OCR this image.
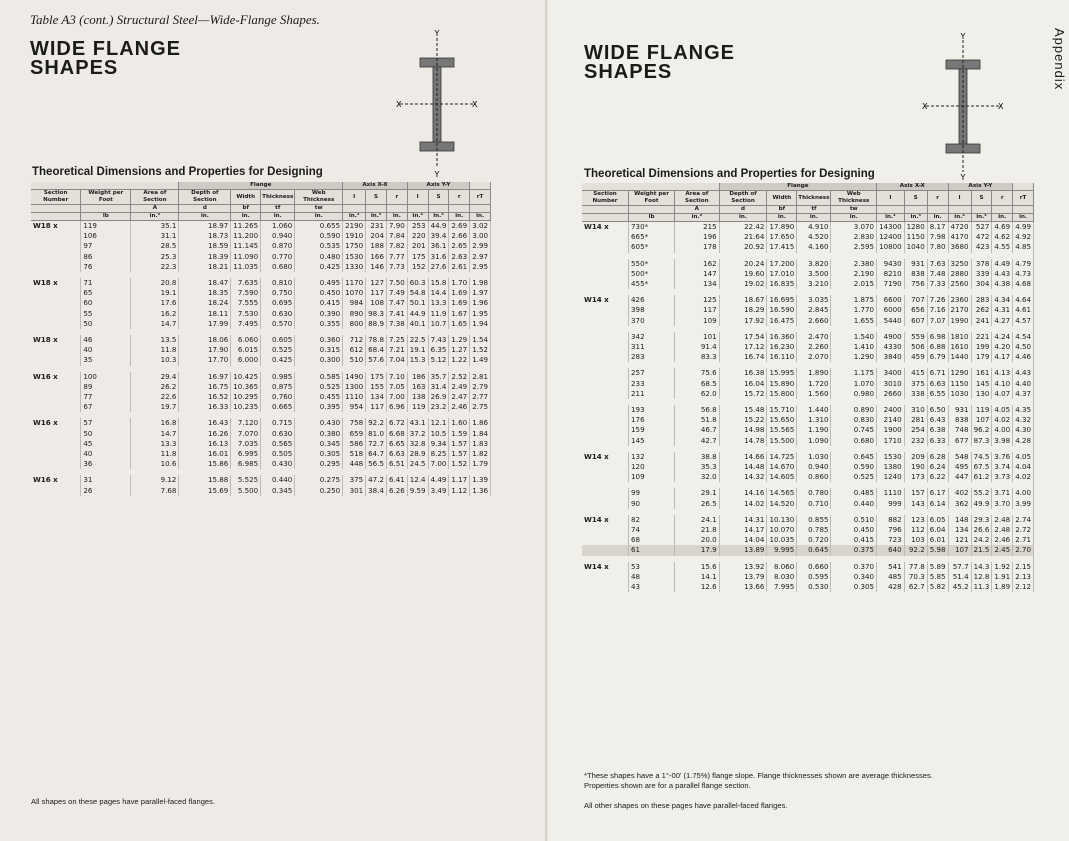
Table A3 (cont.) Structural Steel—Wide-Flange Shapes.
WIDE FLANGE
SHAPES
Y
X	X
Y
Theoretical Dimensions and Properties for Designing
			Flange				Axis X-X			Axis Y-Y			
Section Number	Weight per Foot	Area of Section	Depth of Section	Width	Thickness	Web Thickness	I	S	r	I	S	r	rT
		A	d	bf	tf	tw							
	lb	in.²	in.	in.	in.	in.	in.⁴	in.³	in.	in.⁴	in.³	in.	in.
W18 x	119	35.1	18.97	11.265	1.060	0.655	2190	231	7.90	253	44.9	2.69	3.02
	106	31.1	18.73	11.200	0.940	0.590	1910	204	7.84	220	39.4	2.66	3.00
	97	28.5	18.59	11.145	0.870	0.535	1750	188	7.82	201	36.1	2.65	2.99
	86	25.3	18.39	11.090	0.770	0.480	1530	166	7.77	175	31.6	2.63	2.97
	76	22.3	18.21	11.035	0.680	0.425	1330	146	7.73	152	27.6	2.61	2.95

W18 x	71	20.8	18.47	7.635	0.810	0.495	1170	127	7.50	60.3	15.8	1.70	1.98
	65	19.1	18.35	7.590	0.750	0.450	1070	117	7.49	54.8	14.4	1.69	1.97
	60	17.6	18.24	7.555	0.695	0.415	984	108	7.47	50.1	13.3	1.69	1.96
	55	16.2	18.11	7.530	0.630	0.390	890	98.3	7.41	44.9	11.9	1.67	1.95
	50	14.7	17.99	7.495	0.570	0.355	800	88.9	7.38	40.1	10.7	1.65	1.94

W18 x	46	13.5	18.06	6.060	0.605	0.360	712	78.8	7.25	22.5	7.43	1.29	1.54
	40	11.8	17.90	6.015	0.525	0.315	612	68.4	7.21	19.1	6.35	1.27	1.52
	35	10.3	17.70	6.000	0.425	0.300	510	57.6	7.04	15.3	5.12	1.22	1.49

W16 x	100	29.4	16.97	10.425	0.985	0.585	1490	175	7.10	186	35.7	2.52	2.81
	89	26.2	16.75	10.365	0.875	0.525	1300	155	7.05	163	31.4	2.49	2.79
	77	22.6	16.52	10.295	0.760	0.455	1110	134	7.00	138	26.9	2.47	2.77
	67	19.7	16.33	10.235	0.665	0.395	954	117	6.96	119	23.2	2.46	2.75

W16 x	57	16.8	16.43	7.120	0.715	0.430	758	92.2	6.72	43.1	12.1	1.60	1.86
	50	14.7	16.26	7.070	0.630	0.380	659	81.0	6.68	37.2	10.5	1.59	1.84
	45	13.3	16.13	7.035	0.565	0.345	586	72.7	6.65	32.8	9.34	1.57	1.83
	40	11.8	16.01	6.995	0.505	0.305	518	64.7	6.63	28.9	8.25	1.57	1.82
	36	10.6	15.86	6.985	0.430	0.295	448	56.5	6.51	24.5	7.00	1.52	1.79

W16 x	31	9.12	15.88	5.525	0.440	0.275	375	47.2	6.41	12.4	4.49	1.17	1.39
	26	7.68	15.69	5.500	0.345	0.250	301	38.4	6.26	9.59	3.49	1.12	1.36
All shapes on these pages have parallel-faced flanges.
Appendix
WIDE FLANGE
SHAPES
Y
X	X
Y
Theoretical Dimensions and Properties for Designing
			Flange				Axis X-X			Axis Y-Y			
Section Number	Weight per Foot	Area of Section	Depth of Section	Width	Thickness	Web Thickness	I	S	r	I	S	r	rT
		A	d	bf	tf	tw							
	lb	in.²	in.	in.	in.	in.	in.⁴	in.³	in.	in.⁴	in.³	in.	in.
W14 x	730*	215	22.42	17.890	4.910	3.070	14300	1280	8.17	4720	527	4.69	4.99
	665*	196	21.64	17.650	4.520	2.830	12400	1150	7.98	4170	472	4.62	4.92
	605*	178	20.92	17.415	4.160	2.595	10800	1040	7.80	3680	423	4.55	4.85

	550*	162	20.24	17.200	3.820	2.380	9430	931	7.63	3250	378	4.49	4.79
	500*	147	19.60	17.010	3.500	2.190	8210	838	7.48	2880	339	4.43	4.73
	455*	134	19.02	16.835	3.210	2.015	7190	756	7.33	2560	304	4.38	4.68

W14 x	426	125	18.67	16.695	3.035	1.875	6600	707	7.26	2360	283	4.34	4.64
	398	117	18.29	16.590	2.845	1.770	6000	656	7.16	2170	262	4.31	4.61
	370	109	17.92	16.475	2.660	1.655	5440	607	7.07	1990	241	4.27	4.57

	342	101	17.54	16.360	2.470	1.540	4900	559	6.98	1810	221	4.24	4.54
	311	91.4	17.12	16.230	2.260	1.410	4330	506	6.88	1610	199	4.20	4.50
	283	83.3	16.74	16.110	2.070	1.290	3840	459	6.79	1440	179	4.17	4.46

	257	75.6	16.38	15.995	1.890	1.175	3400	415	6.71	1290	161	4.13	4.43
	233	68.5	16.04	15.890	1.720	1.070	3010	375	6.63	1150	145	4.10	4.40
	211	62.0	15.72	15.800	1.560	0.980	2660	338	6.55	1030	130	4.07	4.37

	193	56.8	15.48	15.710	1.440	0.890	2400	310	6.50	931	119	4.05	4.35
	176	51.8	15.22	15.650	1.310	0.830	2140	281	6.43	838	107	4.02	4.32
	159	46.7	14.98	15.565	1.190	0.745	1900	254	6.38	748	96.2	4.00	4.30
	145	42.7	14.78	15.500	1.090	0.680	1710	232	6.33	677	87.3	3.98	4.28

W14 x	132	38.8	14.66	14.725	1.030	0.645	1530	209	6.28	548	74.5	3.76	4.05
	120	35.3	14.48	14.670	0.940	0.590	1380	190	6.24	495	67.5	3.74	4.04
	109	32.0	14.32	14.605	0.860	0.525	1240	173	6.22	447	61.2	3.73	4.02

	99	29.1	14.16	14.565	0.780	0.485	1110	157	6.17	402	55.2	3.71	4.00
	90	26.5	14.02	14.520	0.710	0.440	999	143	6.14	362	49.9	3.70	3.99

W14 x	82	24.1	14.31	10.130	0.855	0.510	882	123	6.05	148	29.3	2.48	2.74
	74	21.8	14.17	10.070	0.785	0.450	796	112	6.04	134	26.6	2.48	2.72
	68	20.0	14.04	10.035	0.720	0.415	723	103	6.01	121	24.2	2.46	2.71
	61	17.9	13.89	9.995	0.645	0.375	640	92.2	5.98	107	21.5	2.45	2.70

W14 x	53	15.6	13.92	8.060	0.660	0.370	541	77.8	5.89	57.7	14.3	1.92	2.15
	48	14.1	13.79	8.030	0.595	0.340	485	70.3	5.85	51.4	12.8	1.91	2.13
	43	12.6	13.66	7.995	0.530	0.305	428	62.7	5.82	45.2	11.3	1.89	2.12
*These shapes have a 1°-00' (1.75%) flange slope. Flange thicknesses shown are average thicknesses.
Properties shown are for a parallel flange section.
All other shapes on these pages have parallel-faced flanges.
